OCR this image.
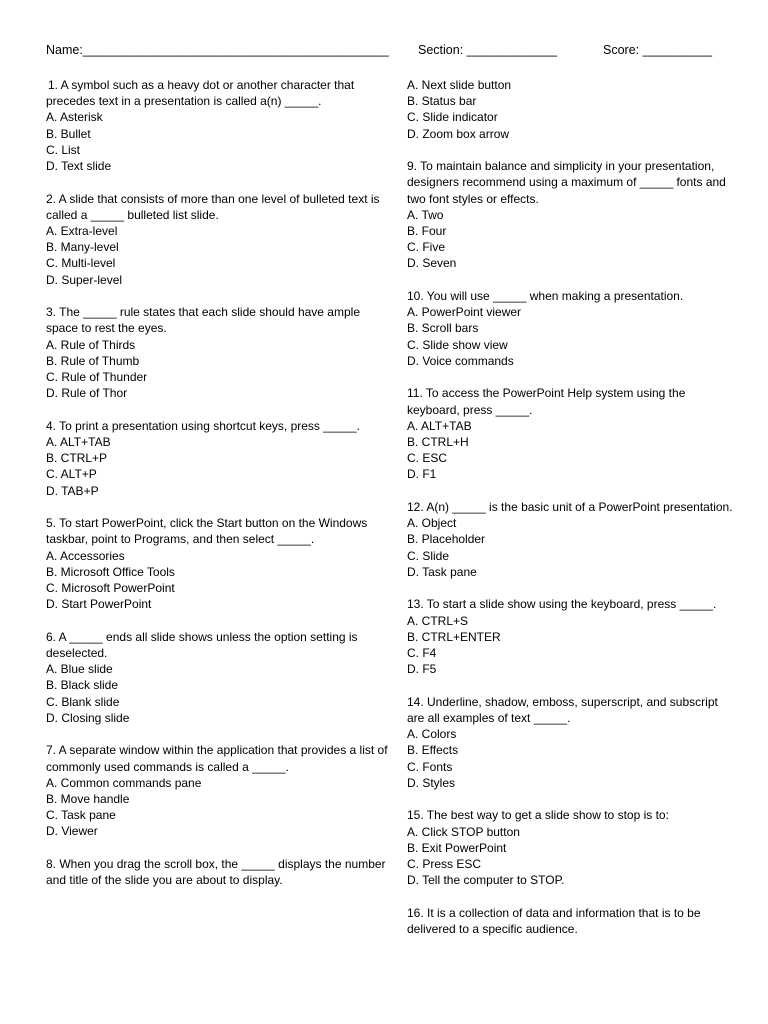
Name:____________________________________________ Section: _____________	Score: __________
1. A symbol such as a heavy dot or another character that precedes text in a presentation is called a(n) _____.
A. Asterisk
B. Bullet
C. List
D. Text slide
2. A slide that consists of more than one level of bulleted text is called a _____ bulleted list slide.
A. Extra-level
B. Many-level
C. Multi-level
D. Super-level
3. The _____ rule states that each slide should have ample space to rest the eyes.
A. Rule of Thirds
B. Rule of Thumb
C. Rule of Thunder
D. Rule of Thor
4. To print a presentation using shortcut keys, press _____.
A. ALT+TAB
B. CTRL+P
C. ALT+P
D. TAB+P
5. To start PowerPoint, click the Start button on the Windows taskbar, point to Programs, and then select _____.
A. Accessories
B. Microsoft Office Tools
C. Microsoft PowerPoint
D. Start PowerPoint
6. A _____ ends all slide shows unless the option setting is deselected.
A. Blue slide
B. Black slide
C. Blank slide
D. Closing slide
7. A separate window within the application that provides a list of commonly used commands is called a _____.
A. Common commands pane
B. Move handle
C. Task pane
D. Viewer
8. When you drag the scroll box, the _____ displays the number and title of the slide you are about to display.
A. Next slide button
B. Status bar
C. Slide indicator
D. Zoom box arrow
9. To maintain balance and simplicity in your presentation, designers recommend using a maximum of _____ fonts and two font styles or effects.
A. Two
B. Four
C. Five
D. Seven
10. You will use _____ when making a presentation.
A. PowerPoint viewer
B. Scroll bars
C. Slide show view
D. Voice commands
11. To access the PowerPoint Help system using the keyboard, press _____.
A. ALT+TAB
B. CTRL+H
C. ESC
D. F1
12. A(n) _____ is the basic unit of a PowerPoint presentation.
A. Object
B. Placeholder
C. Slide
D. Task pane
13. To start a slide show using the keyboard, press _____.
A. CTRL+S
B. CTRL+ENTER
C. F4
D. F5
14. Underline, shadow, emboss, superscript, and subscript are all examples of text _____.
A. Colors
B. Effects
C. Fonts
D. Styles
15. The best way to get a slide show to stop is to:
A. Click STOP button
B. Exit PowerPoint
C. Press ESC
D. Tell the computer to STOP.
16. It is a collection of data and information that is to be delivered to a specific audience.
